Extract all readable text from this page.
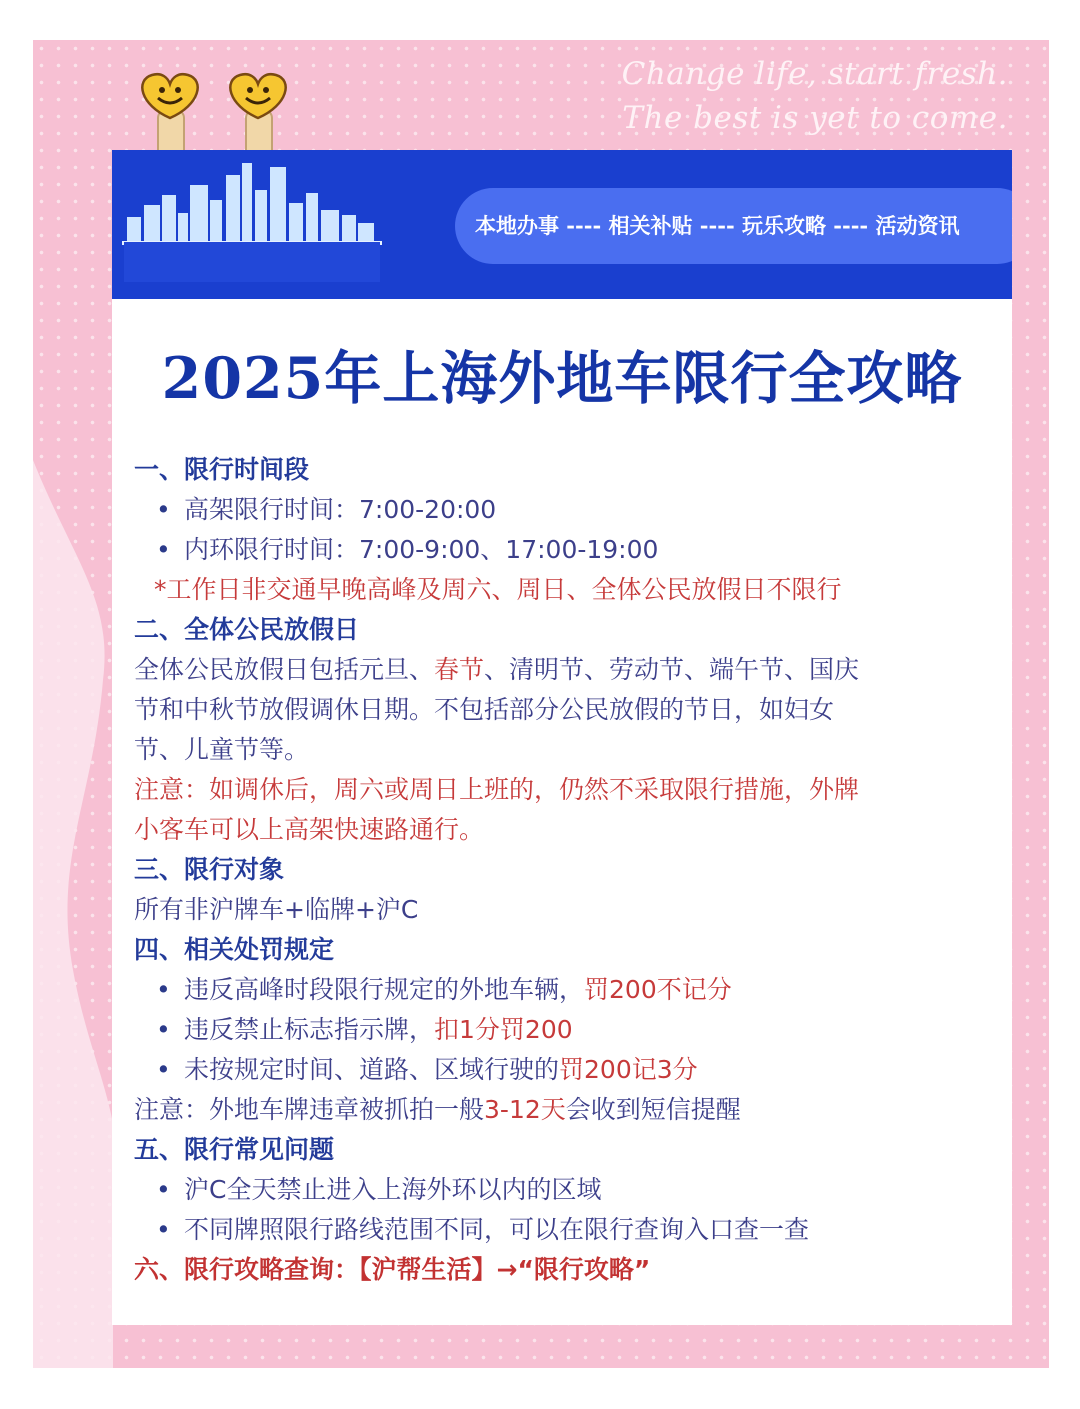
Change life, start fresh.
The best is yet to come.
本地办事 ---- 相关补贴 ---- 玩乐攻略 ---- 活动资讯
2025年上海外地车限行全攻略
一、限行时间段
• 高架限行时间：7:00-20:00
• 内环限行时间：7:00-9:00、17:00-19:00
*工作日非交通早晚高峰及周六、周日、全体公民放假日不限行
二、全体公民放假日
全体公民放假日包括元旦、春节、清明节、劳动节、端午节、国庆
节和中秋节放假调休日期。不包括部分公民放假的节日，如妇女
节、儿童节等。
注意：如调休后，周六或周日上班的，仍然不采取限行措施，外牌
小客车可以上高架快速路通行。
三、限行对象
所有非沪牌车+临牌+沪C
四、相关处罚规定
• 违反高峰时段限行规定的外地车辆，罚200不记分
• 违反禁止标志指示牌，扣1分罚200
• 未按规定时间、道路、区域行驶的罚200记3分
注意：外地车牌违章被抓拍一般3-12天会收到短信提醒
五、限行常见问题
• 沪C全天禁止进入上海外环以内的区域
• 不同牌照限行路线范围不同，可以在限行查询入口查一查
六、限行攻略查询：【沪帮生活】→“限行攻略”
